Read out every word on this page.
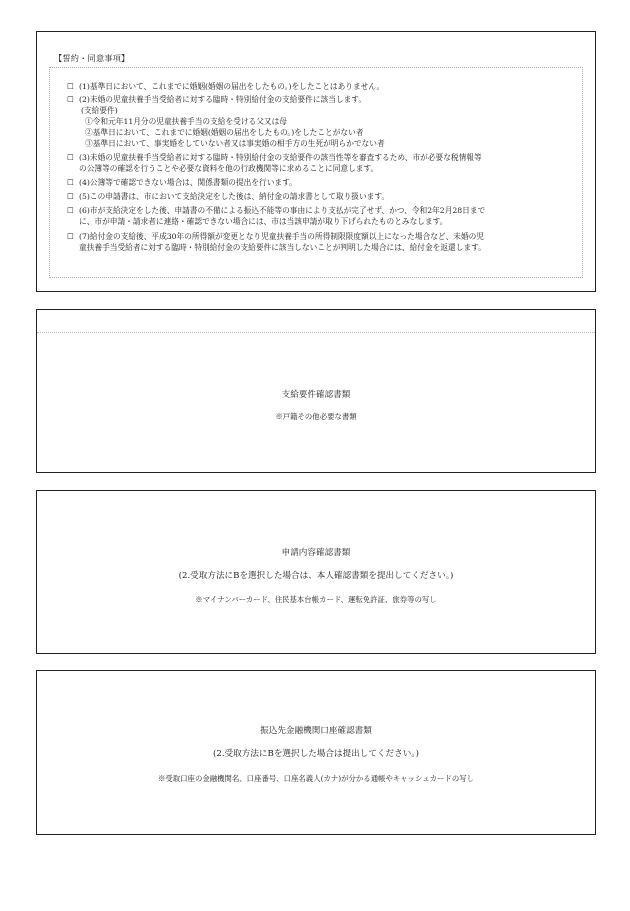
【誓約・同意事項】
☐ (1)基準日において、これまでに婚姻(婚姻の届出をしたもの。)をしたことはありません。
☐ (2)未婚の児童扶養手当受給者に対する臨時・特別給付金の支給要件に該当します。
(支給要件)
①令和元年11月分の児童扶養手当の支給を受ける父又は母
②基準日において、これまでに婚姻(婚姻の届出をしたもの。)をしたことがない者
③基準日において、事実婚をしていない者又は事実婚の相手方の生死が明らかでない者
☐ (3)未婚の児童扶養手当受給者に対する臨時・特別給付金の支給要件の該当性等を審査するため、市が必要な税情報等
の公簿等の確認を行うことや必要な資料を他の行政機関等に求めることに同意します。
☐ (4)公簿等で確認できない場合は、関係書類の提出を行います。
☐ (5)この申請書は、市において支給決定をした後は、納付金の請求書として取り扱います。
☐ (6)市が支給決定をした後、申請書の不備による振込不能等の事由により支払が完了せず、かつ、令和2年2月28日まで
に、市が申請・請求者に連絡・確認できない場合には、市は当該申請が取り下げられたものとみなします。
☐ (7)給付金の支給後、平成30年の所得額が変更となり児童扶養手当の所得制限限度額以上になった場合など、未婚の児
童扶養手当受給者に対する臨時・特別給付金の支給要件に該当しないことが判明した場合には、給付金を返還します。
支給要件確認書類
※戸籍その他必要な書類
申請内容確認書類
(2.受取方法にBを選択した場合は、本人確認書類を提出してください。)
※マイナンバーカード、住民基本台帳カード、運転免許証、旅券等の写し
振込先金融機関口座確認書類
(2.受取方法にBを選択した場合は提出してください。)
※受取口座の金融機関名、口座番号、口座名義人(カナ)が分かる通帳やキャッシュカードの写し
